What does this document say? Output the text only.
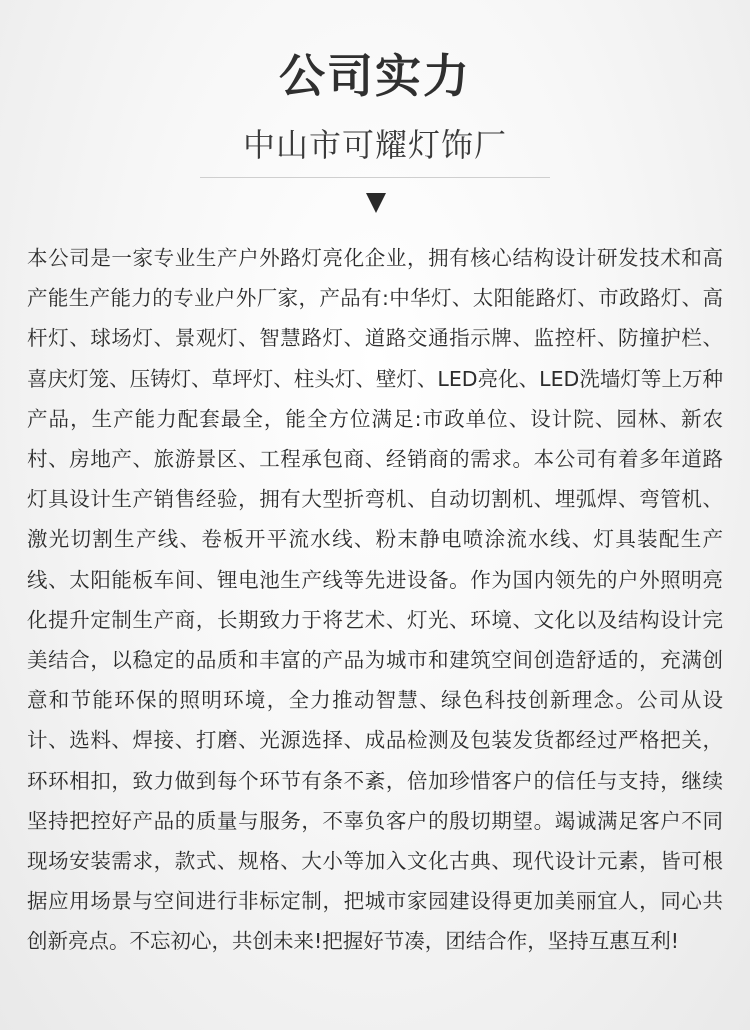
公司实力
中山市可耀灯饰厂

本公司是一家专业生产户外路灯亮化企业，拥有核心结构设计研发技术和高产能生产能力的专业户外厂家，产品有:中华灯、太阳能路灯、市政路灯、高杆灯、球场灯、景观灯、智慧路灯、道路交通指示牌、监控杆、防撞护栏、喜庆灯笼、压铸灯、草坪灯、柱头灯、壁灯、LED亮化、LED洗墙灯等上万种产品，生产能力配套最全，能全方位满足:市政单位、设计院、园林、新农村、房地产、旅游景区、工程承包商、经销商的需求。本公司有着多年道路灯具设计生产销售经验，拥有大型折弯机、自动切割机、埋弧焊、弯管机、激光切割生产线、卷板开平流水线、粉末静电喷涂流水线、灯具装配生产线、太阳能板车间、锂电池生产线等先进设备。作为国内领先的户外照明亮化提升定制生产商，长期致力于将艺术、灯光、环境、文化以及结构设计完美结合，以稳定的品质和丰富的产品为城市和建筑空间创造舒适的，充满创意和节能环保的照明环境，全力推动智慧、绿色科技创新理念。公司从设计、选料、焊接、打磨、光源选择、成品检测及包装发货都经过严格把关，环环相扣，致力做到每个环节有条不紊，倍加珍惜客户的信任与支持，继续坚持把控好产品的质量与服务，不辜负客户的殷切期望。竭诚满足客户不同现场安装需求，款式、规格、大小等加入文化古典、现代设计元素，皆可根据应用场景与空间进行非标定制，把城市家园建设得更加美丽宜人，同心共创新亮点。不忘初心，共创未来!把握好节凑，团结合作，坚持互惠互利!
